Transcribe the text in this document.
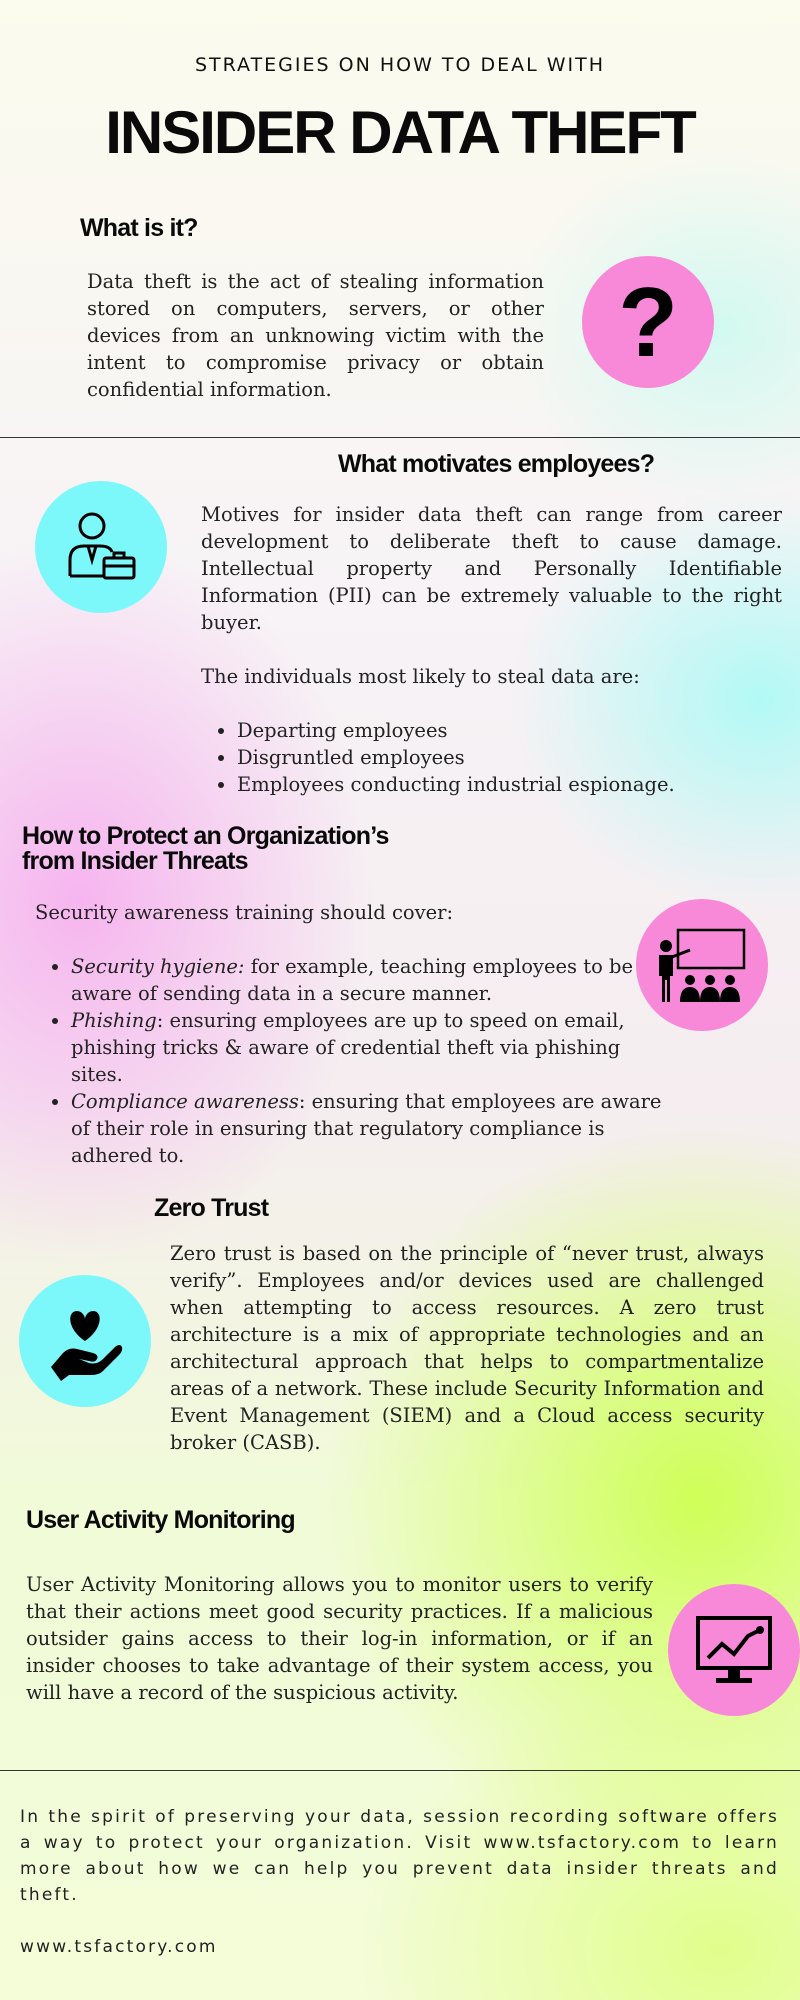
STRATEGIES ON HOW TO DEAL WITH
INSIDER DATA THEFT
What is it?
Data theft is the act of stealing information stored on computers, servers, or other devices from an unknowing victim with the intent to compromise privacy or obtain confidential information.
?
What motivates employees?
Motives for insider data theft can range from career development to deliberate theft to cause damage. Intellectual property and Personally Identifiable Information (PII) can be extremely valuable to the right buyer.
The individuals most likely to steal data are:
• Departing employees
• Disgruntled employees
• Employees conducting industrial espionage.
How to Protect an Organization’s
from Insider Threats
Security awareness training should cover:
• Security hygiene: for example, teaching employees to be aware of sending data in a secure manner.
• Phishing: ensuring employees are up to speed on email, phishing tricks & aware of credential theft via phishing sites.
• Compliance awareness: ensuring that employees are aware of their role in ensuring that regulatory compliance is adhered to.
Zero Trust
Zero trust is based on the principle of “never trust, always verify”. Employees and/or devices used are challenged when attempting to access resources. A zero trust architecture is a mix of appropriate technologies and an architectural approach that helps to compartmentalize areas of a network. These include Security Information and Event Management (SIEM) and a Cloud access security broker (CASB).
User Activity Monitoring
User Activity Monitoring allows you to monitor users to verify that their actions meet good security practices. If a malicious outsider gains access to their log-in information, or if an insider chooses to take advantage of their system access, you will have a record of the suspicious activity.
In the spirit of preserving your data, session recording software offers a way to protect your organization. Visit www.tsfactory.com to learn more about how we can help you prevent data insider threats and theft.
www.tsfactory.com
